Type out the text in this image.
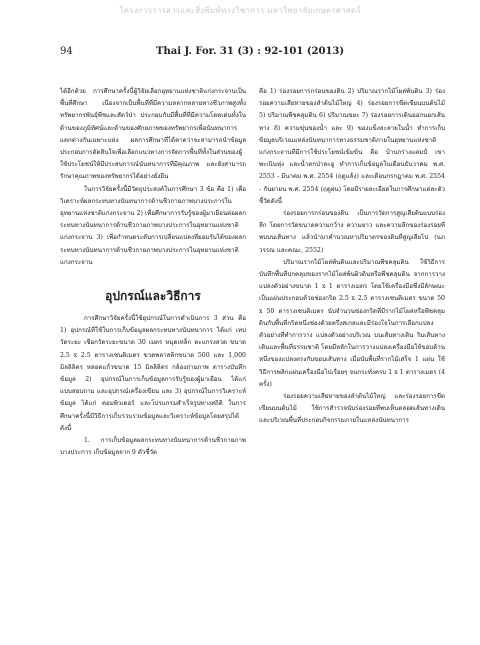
โครงการวารสารและสิ่งพิมพ์ทางวิชาการ มหาวิทยาลัยเกษตรศาสตร์
94	Thai J. For. 31 (3) : 92-101 (2013)

ได้อีกด้วย การศึกษาครั้งนี้ผู้วิจัยเลือกอุทยานแห่งชาติแก่งกระจานเป็นพื้นที่ศึกษา เนื่องจากเป็นพื้นที่ที่มีความหลากหลายทางชีวภาพสูงทั้งทรัพยากรพันธุ์พืชและสัตว์ป่า ประกอบกับมีพื้นที่ที่มีความโดดเด่นทั้งในด้านของภูมิทัศน์และด้านของศักยภาพของทรัพยากรเพื่อนันทนาการแตกต่างกันเฉพาะแห่ง ผลการศึกษาที่ได้คาดว่าจะสามารถนำข้อมูลประกอบการตัดสินใจเพื่อเลือกแนวทางการจัดการพื้นที่ทั้งในส่วนของผู้ใช้ประโยชน์ให้มีประสบการณ์นันทนาการที่มีคุณภาพ และยังสามารถรักษาคุณภาพของทรัพยากรได้อย่างยั่งยืน

ในการวิจัยครั้งนี้มีวัตถุประสงค์ในการศึกษา 3 ข้อ คือ 1) เพื่อวิเคราะห์ผลกระทบทางนันทนาการด้านชีวกายภาพบางประการในอุทยานแห่งชาติแก่งกระจาน 2) เพื่อศึกษาการรับรู้ของผู้มาเยือนต่อผลกระทบทางนันทนาการด้านชีวกายภาพบางประการในอุทยานแห่งชาติแก่งกระจาน 3) เพื่อกำหนดระดับการเปลี่ยนแปลงที่ยอมรับได้ของผลกระทบทางนันทนาการด้านชีวกายภาพบางประการในอุทยานแห่งชาติแก่งกระจาน

อุปกรณ์และวิธีการ

การศึกษาวิจัยครั้งนี้ใช้อุปกรณ์ในการดำเนินการ 3 ส่วน คือ 1) อุปกรณ์ที่ใช้ในการเก็บข้อมูลผลกระทบทางนันทนาการ ได้แก่ เทปวัดระยะ เชือกวัดระยะขนาด 30 เมตร หมุดเหล็ก ตะแกรงลวด ขนาด 2.5 x 2.5 ตารางเซนติเมตร ขวดพลาสติกขนาด 500 และ 1,000 มิลลิลิตร หลอดแก้วขนาด 15 มิลลิลิตร กล้องถ่ายภาพ ตารางบันทึกข้อมูล 2) อุปกรณ์ในการเก็บข้อมูลการรับรู้ของผู้มาเยือน ได้แก่ แบบสอบถาม และอุปกรณ์เครื่องเขียน และ 3) อุปกรณ์ในการวิเคราะห์ข้อมูล ได้แก่ คอมพิวเตอร์ และโปรแกรมสำเร็จรูปทางสถิติ ในการศึกษาครั้งนี้มีวิธีการเก็บรวบรวมข้อมูลและวิเคราะห์ข้อมูลโดยสรุปได้ดังนี้

1. การเก็บข้อมูลผลกระทบทางนันทนาการด้านชีวกายภาพบางประการ เก็บข้อมูลจาก 9 ตัวชี้วัด

คือ 1) ร่องรอยการกร่อนของดิน 2) ปริมาณรากไม้โผล่พ้นดิน 3) ร่องรอยความเสียหายของลำต้นไม้ใหญ่ 4) ร่องรอยการขีดเขียนบนต้นไม้ 5) ปริมาณพืชคลุมดิน 6) ปริมาณขยะ 7) ร่องรอยการเดินออกนอกเส้นทาง 8) ความขุ่นของน้ำ และ 9) ของแข็งละลายในน้ำ ทำการเก็บข้อมูลบริเวณแหล่งนันทนาการทางธรรมชาติภายในอุทยานแห่งชาติแก่งกระจานที่มีการใช้ประโยชน์เข้มข้น คือ บ้านกร่างแคมป์ เขาพะเนินทุ่ง และน้ำตกป่าละอู ทำการเก็บข้อมูลในเดือนธันวาคม พ.ศ. 2553 - มีนาคม พ.ศ. 2554 (ฤดูแล้ง) และเดือนกรกฎาคม พ.ศ. 2554 - กันยายน พ.ศ. 2554 (ฤดูฝน) โดยมีรายละเอียดในการศึกษาแต่ละตัวชี้วัดดังนี้

ร่องรอยการกร่อนของดิน เป็นการวัดการสูญเสียดินแบบร่องลึก โดยการวัดขนาดความกว้าง ความยาว และความลึกของร่องรอยที่พบบนเส้นทาง แล้วนำมาคำนวณหาปริมาตรของดินที่สูญเสียไป (นภวรรณ และคณะ, 2552)

ปริมาณรากไม้โผล่พ้นดินและปริมาณพืชคลุมดิน ใช้วิธีการบันทึกพื้นที่ปกคลุมของรากไม้โผล่พ้นผิวดินหรือพืชคลุมดิน จากการวางแปลงตัวอย่างขนาด 1 x 1 ตารางเมตร โดยใช้เครื่องมือซึ่งมีลักษณะเป็นแผ่นประกอบด้วยช่องกริด 2.5 x 2.5 ตารางเซนติเมตร ขนาด 50 x 50 ตารางเซนติเมตร นับจำนวนช่องกริดที่มีรากไม้โผล่หรือพืชคลุมดินกับพื้นที่กริดหนึ่งช่องด้วยครึ่งสเกลและมีร่องใจในการเลือกแปลงตัวอย่างที่ทำการวาง แปลงตัวอย่างบริเวณ บนเส้นทางเดิน ริมเส้นทางเดินและพื้นที่ธรรมชาติ โดยมีหลักในการวางแปลงเครื่องมือให้ขอบด้านหนึ่งของแปลงตรงกับขอบเส้นทาง เมื่อนับพื้นที่รากไม้เสร็จ 1 แผ่น ใช้วิธีการพลิกแผ่นเครื่องมือไปเรื่อยๆ จนกระทั่งครบ 1 x 1 ตารางเมตร (4 ครั้ง)

ร่องรอยความเสียหายของลำต้นไม้ใหญ่ และร่องรอยการขีดเขียนบนต้นไม้ ใช้การสำรวจนับร่องรอยที่พบเห็นตลอดเส้นทางเดิน และบริเวณพื้นที่ประกอบกิจกรรมภายในแหล่งนันทนาการ
